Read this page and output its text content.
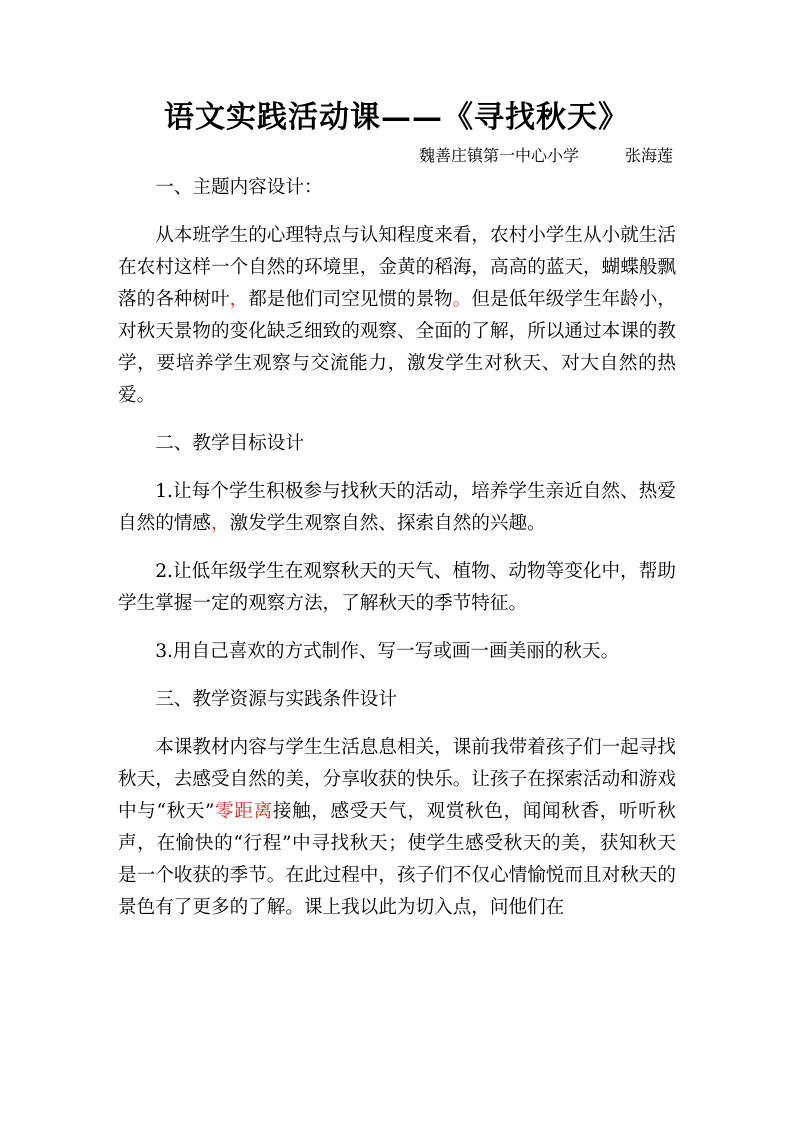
语文实践活动课——《寻找秋天》
魏善庄镇第一中心小学	张海莲

一、主题内容设计：

从本班学生的心理特点与认知程度来看，农村小学生从小就生活在农村这样一个自然的环境里，金黄的稻海，高高的蓝天，蝴蝶般飘落的各种树叶，都是他们司空见惯的景物。但是低年级学生年龄小，对秋天景物的变化缺乏细致的观察、全面的了解，所以通过本课的教学，要培养学生观察与交流能力，激发学生对秋天、对大自然的热爱。

二、教学目标设计

1.让每个学生积极参与找秋天的活动，培养学生亲近自然、热爱自然的情感，激发学生观察自然、探索自然的兴趣。

2.让低年级学生在观察秋天的天气、植物、动物等变化中，帮助学生掌握一定的观察方法，了解秋天的季节特征。

3.用自己喜欢的方式制作、写一写或画一画美丽的秋天。

三、教学资源与实践条件设计

本课教材内容与学生生活息息相关，课前我带着孩子们一起寻找秋天，去感受自然的美，分享收获的快乐。让孩子在探索活动和游戏中与“秋天”零距离接触，感受天气，观赏秋色，闻闻秋香，听听秋声，在愉快的“行程”中寻找秋天；使学生感受秋天的美，获知秋天是一个收获的季节。在此过程中，孩子们不仅心情愉悦而且对秋天的景色有了更多的了解。课上我以此为切入点，问他们在
